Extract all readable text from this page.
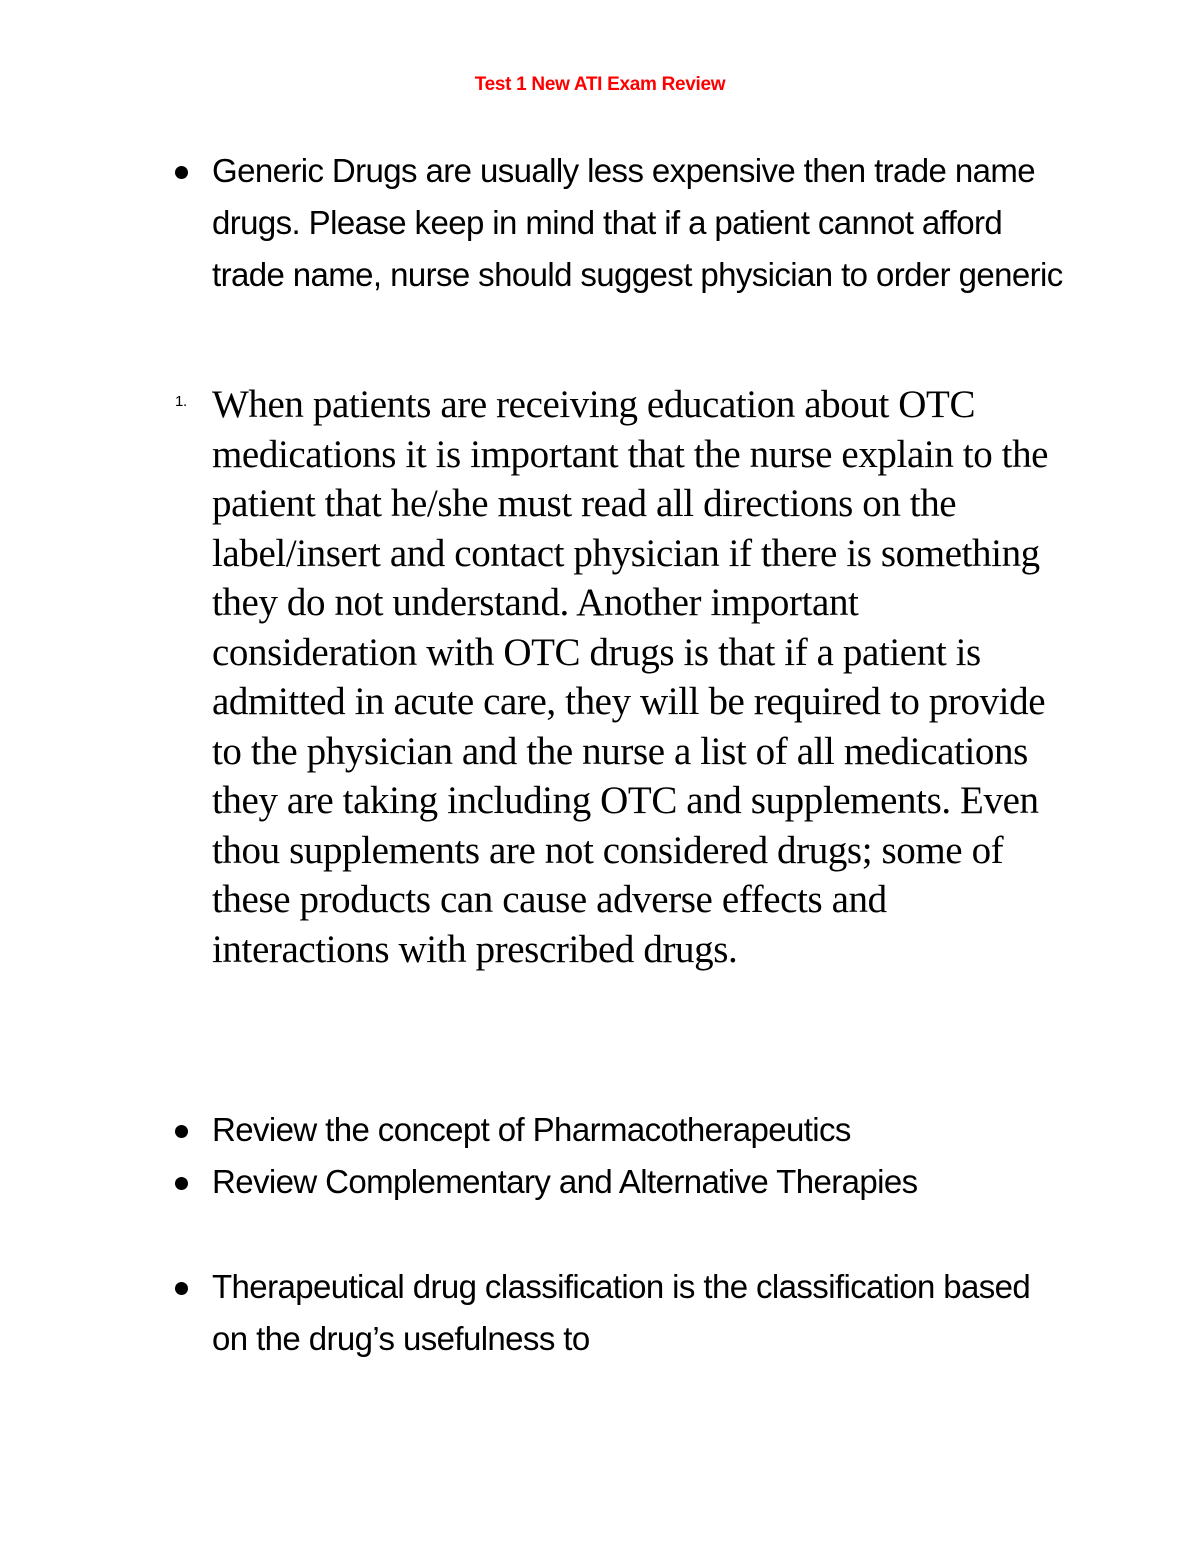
Test 1 New ATI Exam Review
Generic Drugs are usually less expensive then trade name drugs. Please keep in mind that if a patient cannot afford trade name, nurse should suggest physician to order generic
1. When patients are receiving education about OTC medications it is important that the nurse explain to the patient that he/she must read all directions on the label/insert and contact physician if there is something they do not understand. Another important consideration with OTC drugs is that if a patient is admitted in acute care, they will be required to provide to the physician and the nurse a list of all medications they are taking including OTC and supplements. Even thou supplements are not considered drugs; some of these products can cause adverse effects and interactions with prescribed drugs.
Review the concept of Pharmacotherapeutics
Review Complementary and Alternative Therapies
Therapeutical drug classification is the classification based on the drug’s usefulness to
